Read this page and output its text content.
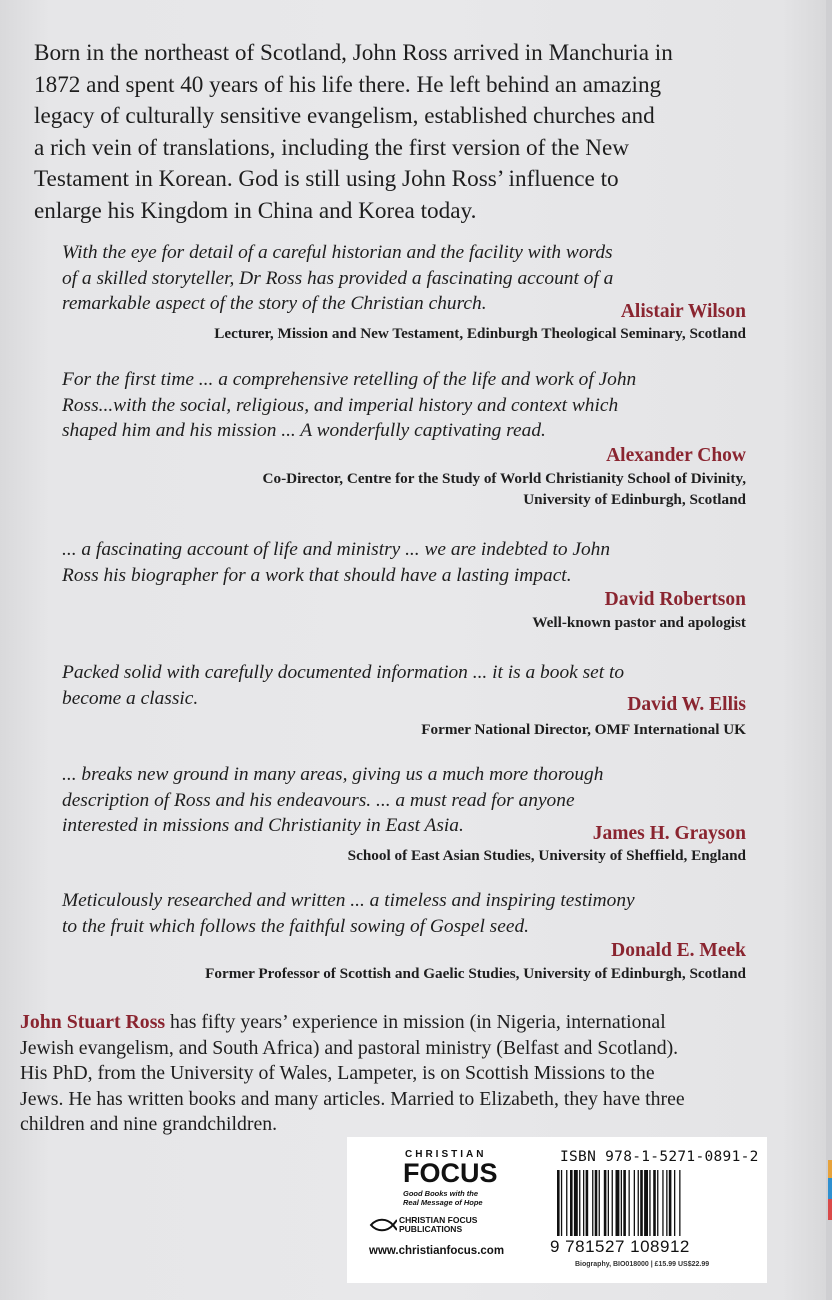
Born in the northeast of Scotland, John Ross arrived in Manchuria in
1872 and spent 40 years of his life there. He left behind an amazing
legacy of culturally sensitive evangelism, established churches and
a rich vein of translations, including the first version of the New
Testament in Korean. God is still using John Ross’ influence to
enlarge his Kingdom in China and Korea today.

With the eye for detail of a careful historian and the facility with words
of a skilled storyteller, Dr Ross has provided a fascinating account of a
remarkable aspect of the story of the Christian church.	Alistair Wilson

Lecturer, Mission and New Testament, Edinburgh Theological Seminary, Scotland

For the first time ... a comprehensive retelling of the life and work of John
Ross...with the social, religious, and imperial history and context which
shaped him and his mission ... A wonderfully captivating read.

Alexander Chow

Co-Director, Centre for the Study of World Christianity School of Divinity,

University of Edinburgh, Scotland

... a fascinating account of life and ministry ... we are indebted to John
Ross his biographer for a work that should have a lasting impact.

David Robertson

Well-known pastor and apologist

Packed solid with carefully documented information ... it is a book set to
become a classic.	David W. Ellis

Former National Director, OMF International UK

... breaks new ground in many areas, giving us a much more thorough
description of Ross and his endeavours. ... a must read for anyone
interested in missions and Christianity in East Asia.	James H. Grayson

School of East Asian Studies, University of Sheffield, England

Meticulously researched and written ... a timeless and inspiring testimony
to the fruit which follows the faithful sowing of Gospel seed.

Donald E. Meek

Former Professor of Scottish and Gaelic Studies, University of Edinburgh, Scotland

John Stuart Ross has fifty years’ experience in mission (in Nigeria, international
Jewish evangelism, and South Africa) and pastoral ministry (Belfast and Scotland).
His PhD, from the University of Wales, Lampeter, is on Scottish Missions to the
Jews. He has written books and many articles. Married to Elizabeth, they have three
children and nine grandchildren.

CHRISTIAN

FOCUS

Good Books with the
Real Message of Hope

CHRISTIAN FOCUS
PUBLICATIONS
www.christianfocus.com
ISBN 978-1-5271-0891-2
9 781527 108912
Biography, BIO018000 | £15.99 US$22.99
